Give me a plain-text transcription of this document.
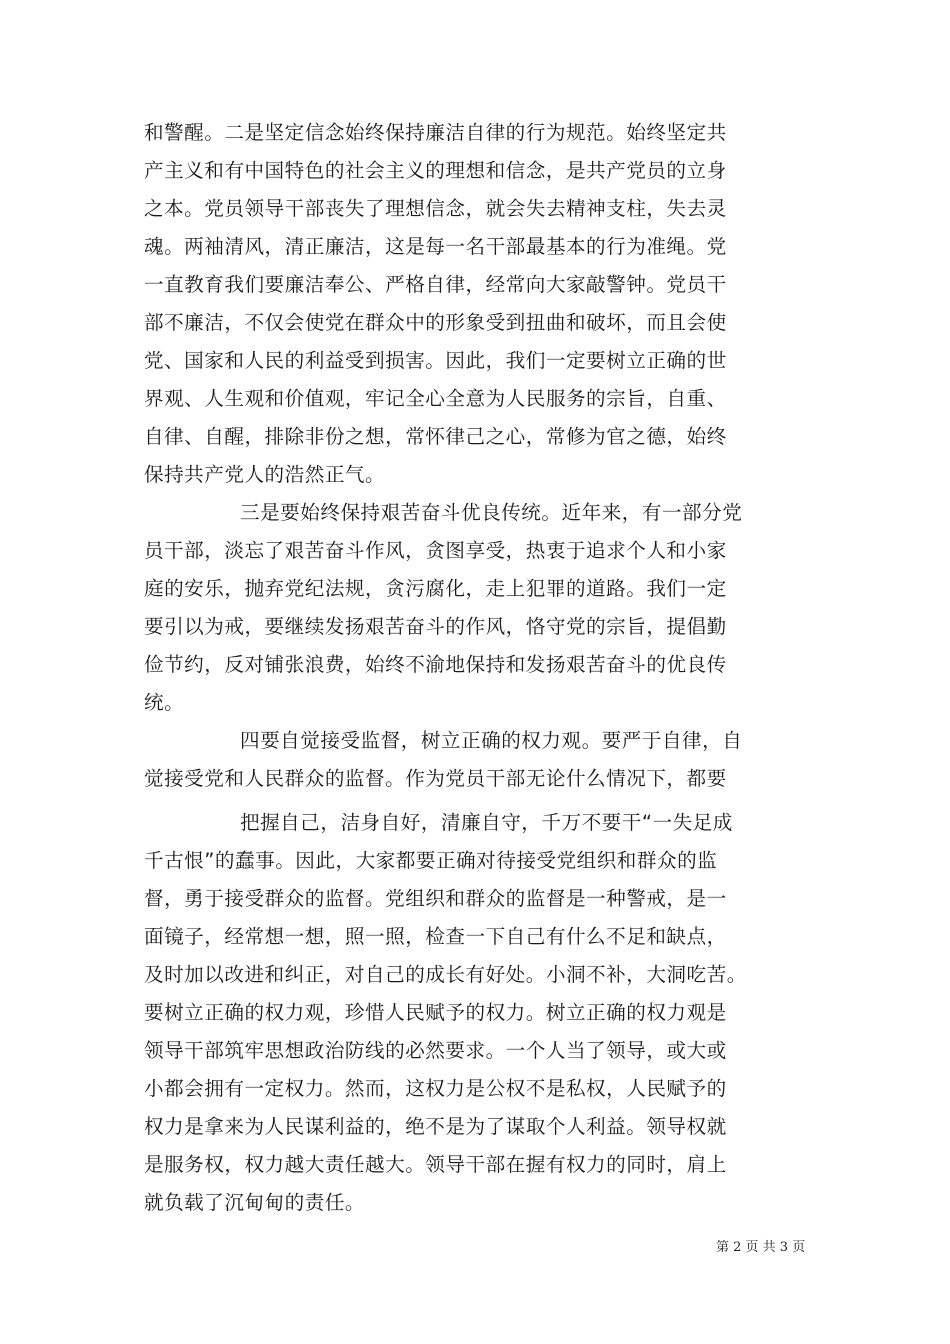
和警醒。二是坚定信念始终保持廉洁自律的行为规范。始终坚定共
产主义和有中国特色的社会主义的理想和信念，是共产党员的立身
之本。党员领导干部丧失了理想信念，就会失去精神支柱，失去灵
魂。两袖清风，清正廉洁，这是每一名干部最基本的行为准绳。党
一直教育我们要廉洁奉公、严格自律，经常向大家敲警钟。党员干
部不廉洁，不仅会使党在群众中的形象受到扭曲和破坏，而且会使
党、国家和人民的利益受到损害。因此，我们一定要树立正确的世
界观、人生观和价值观，牢记全心全意为人民服务的宗旨，自重、
自律、自醒，排除非份之想，常怀律己之心，常修为官之德，始终
保持共产党人的浩然正气。
三是要始终保持艰苦奋斗优良传统。近年来，有一部分党
员干部，淡忘了艰苦奋斗作风，贪图享受，热衷于追求个人和小家
庭的安乐，抛弃党纪法规，贪污腐化，走上犯罪的道路。我们一定
要引以为戒，要继续发扬艰苦奋斗的作风，恪守党的宗旨，提倡勤
俭节约，反对铺张浪费，始终不渝地保持和发扬艰苦奋斗的优良传
统。
四要自觉接受监督，树立正确的权力观。要严于自律，自
觉接受党和人民群众的监督。作为党员干部无论什么情况下，都要
把握自己，洁身自好，清廉自守，千万不要干“一失足成
千古恨”的蠢事。因此，大家都要正确对待接受党组织和群众的监
督，勇于接受群众的监督。党组织和群众的监督是一种警戒，是一
面镜子，经常想一想，照一照，检查一下自己有什么不足和缺点，
及时加以改进和纠正，对自己的成长有好处。小洞不补，大洞吃苦。
要树立正确的权力观，珍惜人民赋予的权力。树立正确的权力观是
领导干部筑牢思想政治防线的必然要求。一个人当了领导，或大或
小都会拥有一定权力。然而，这权力是公权不是私权，人民赋予的
权力是拿来为人民谋利益的，绝不是为了谋取个人利益。领导权就
是服务权，权力越大责任越大。领导干部在握有权力的同时，肩上
就负载了沉甸甸的责任。
第 2 页 共 3 页
